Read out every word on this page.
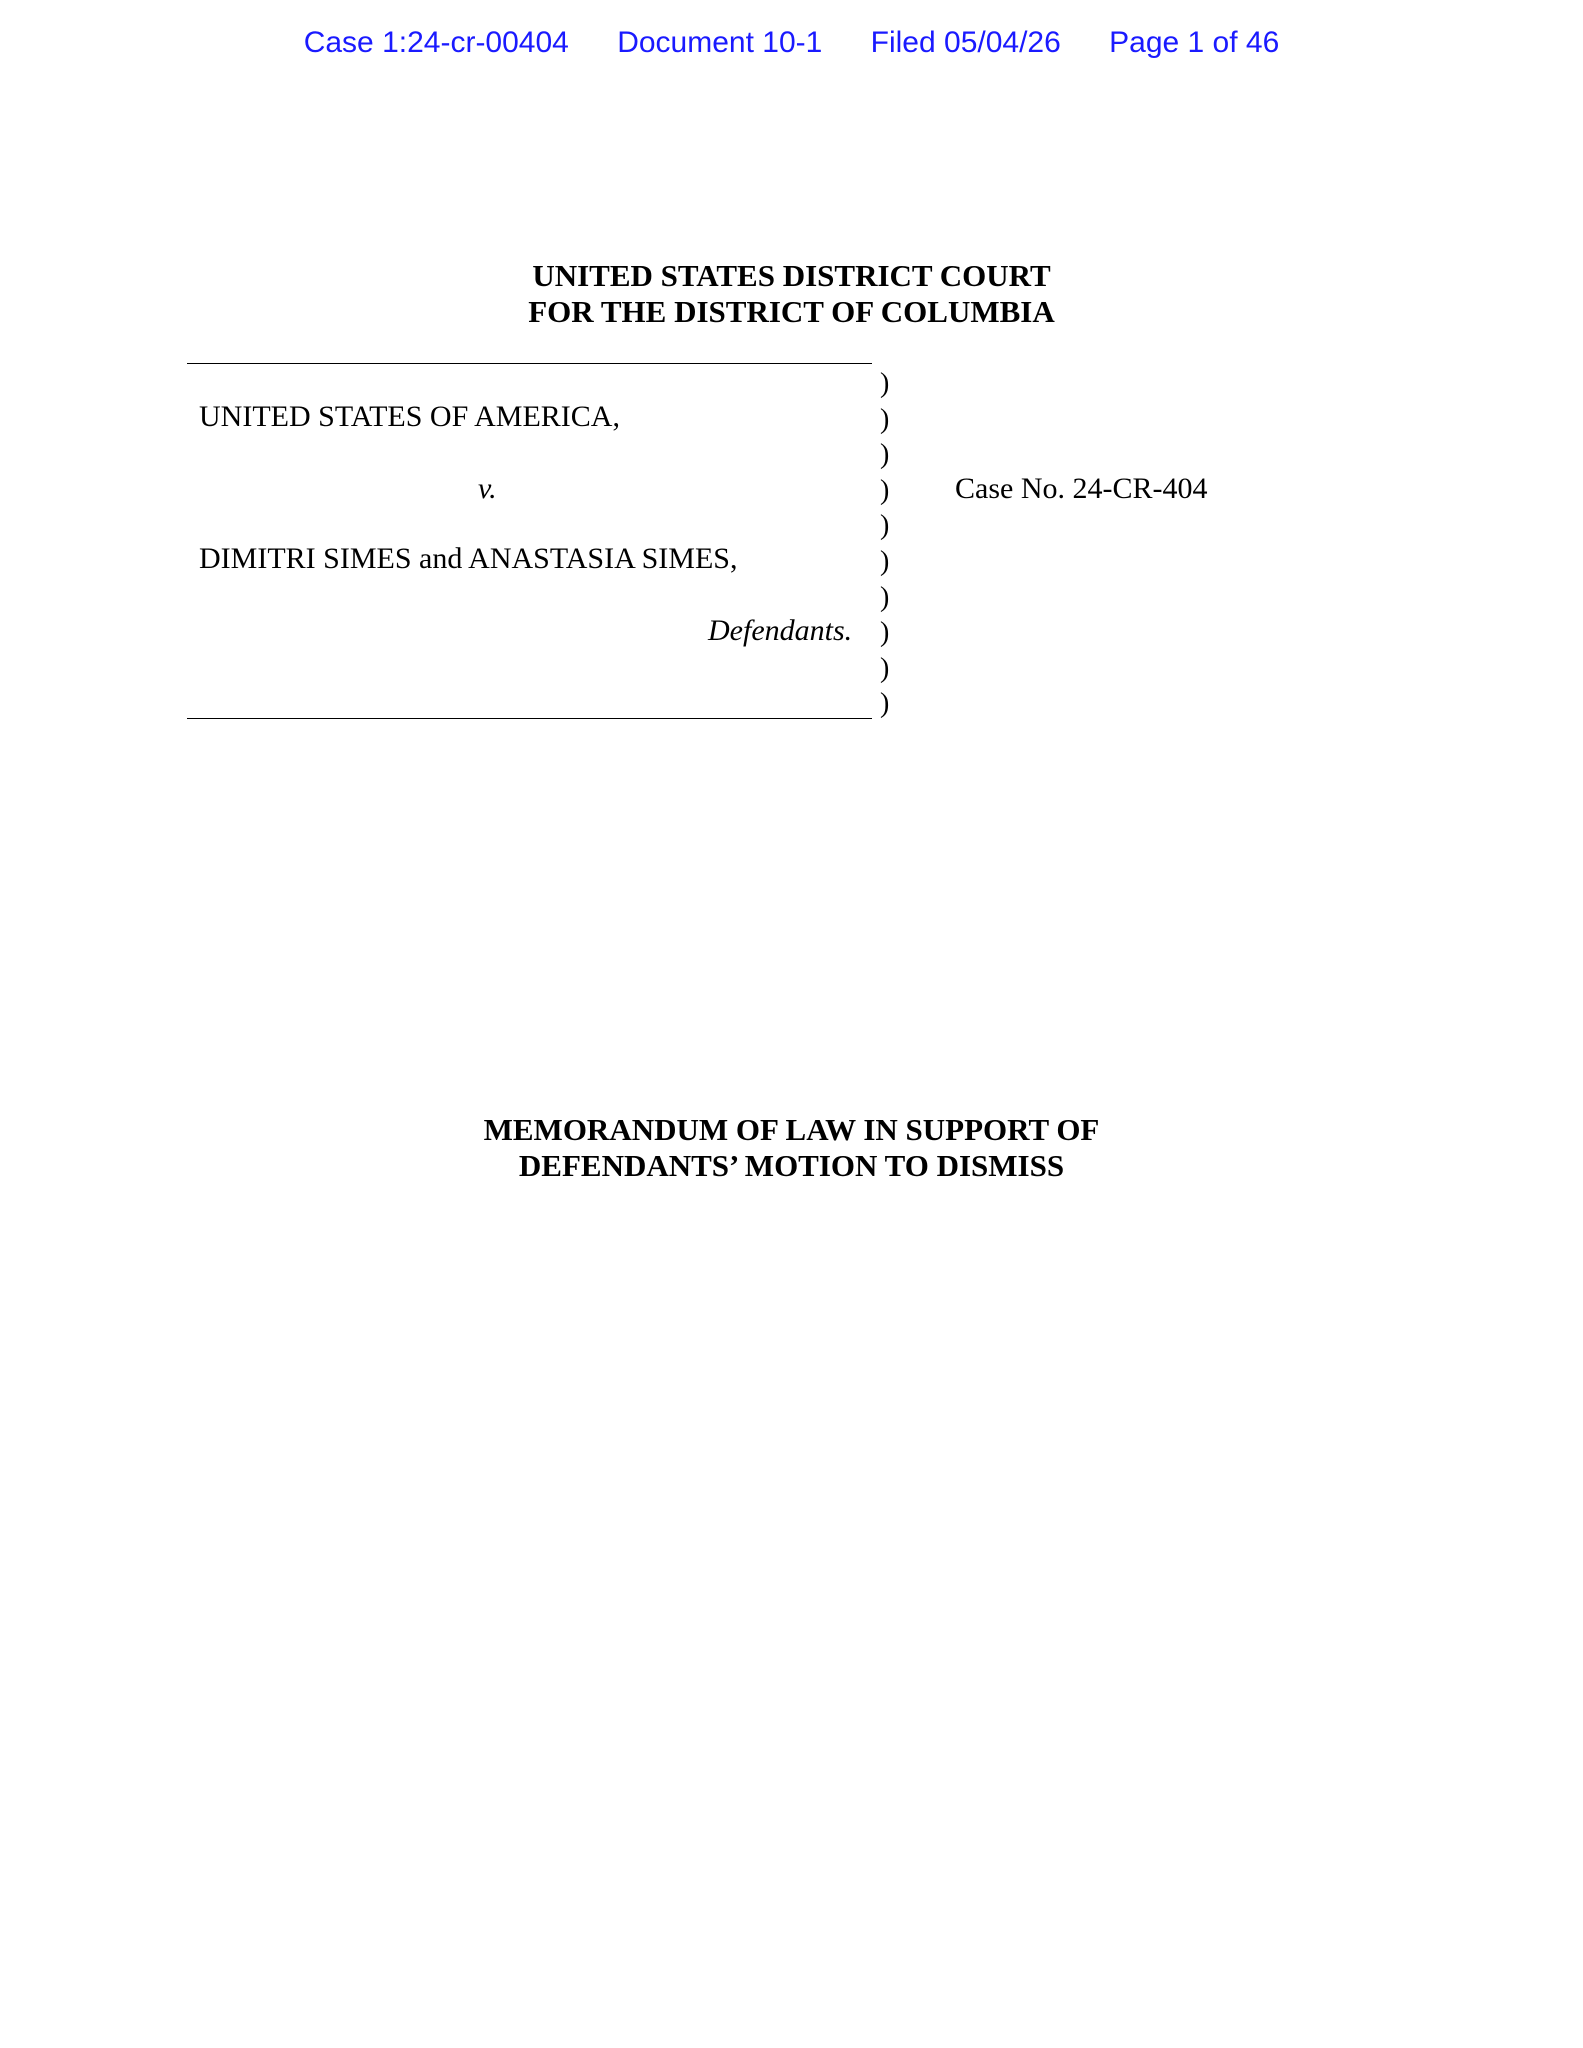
Case 1:24-cr-00404 Document 10-1 Filed 05/04/26 Page 1 of 46
UNITED STATES DISTRICT COURT
FOR THE DISTRICT OF COLUMBIA
)
)
)
)
)
)
)
)
)
)
UNITED STATES OF AMERICA,
v.
DIMITRI SIMES and ANASTASIA SIMES,
Defendants.
Case No. 24-CR-404
MEMORANDUM OF LAW IN SUPPORT OF
DEFENDANTS’ MOTION TO DISMISS
